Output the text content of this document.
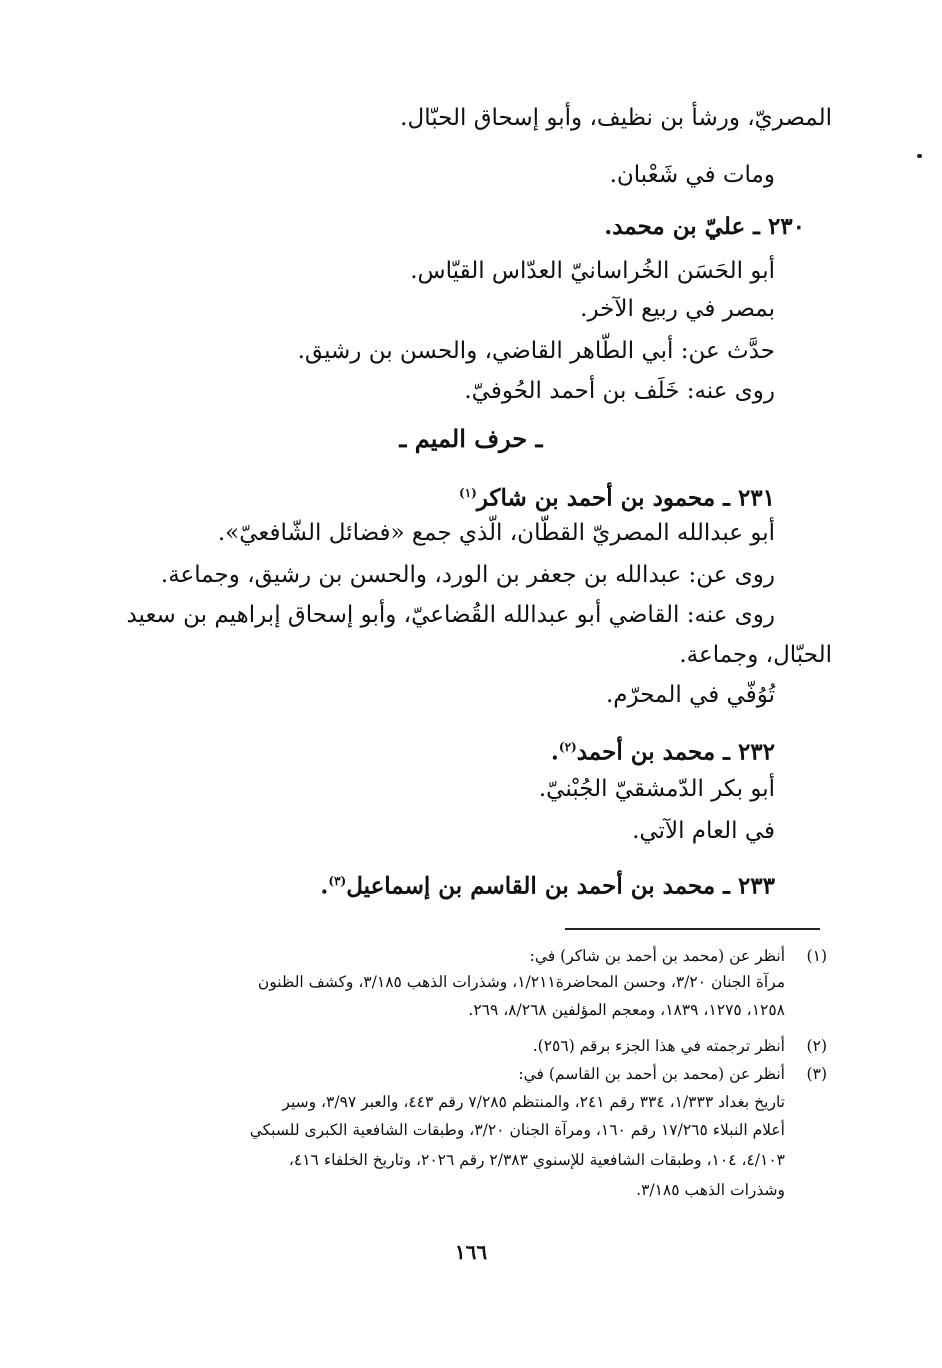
المصريّ، ورشأ بن نظيف، وأبو إسحاق الحبّال.
ومات في شَعْبان.
٢٣٠ ـ عليّ بن محمد.
أبو الحَسَن الخُراسانيّ العدّاس القيّاس.
بمصر في ربيع الآخر.
حدَّث عن: أبي الطّاهر القاضي، والحسن بن رشيق.
روى عنه: خَلَف بن أحمد الحُوفيّ.
ـ حرف الميم ـ
٢٣١ ـ محمود بن أحمد بن شاكر$^{(١)}$
أبو عبدالله المصريّ القطّان، الّذي جمع «فضائل الشّافعيّ».
روى عن: عبدالله بن جعفر بن الورد، والحسن بن رشيق، وجماعة.
روى عنه: القاضي أبو عبدالله القُضاعيّ، وأبو إسحاق إبراهيم بن سعيد
الحبّال، وجماعة.
تُوُفّي في المحرّم.
٢٣٢ ـ محمد بن أحمد$^{(٢)}$.
أبو بكر الدّمشقيّ الجُبْنيّ.
في العام الآتي.
٢٣٣ ـ محمد بن أحمد بن القاسم بن إسماعيل$^{(٣)}$.
(١)
أنظر عن (محمد بن أحمد بن شاكر) في:
مرآة الجنان ٣/٢٠، وحسن المحاضرة١/٢١١، وشذرات الذهب ٣/١٨٥، وكشف الظنون
١٢٥٨، ١٢٧٥، ١٨٣٩، ومعجم المؤلفين ٨/٢٦٨، ٢٦٩.
(٢)
أنظر ترجمته في هذا الجزء برقم (٢٥٦).
(٣)
أنظر عن (محمد بن أحمد بن القاسم) في:
تاريخ بغداد ١/٣٣٣، ٣٣٤ رقم ٢٤١، والمنتظم ٧/٢٨٥ رقم ٤٤٣، والعبر ٣/٩٧، وسير
أعلام النبلاء ١٧/٢٦٥ رقم ١٦٠، ومرآة الجنان ٣/٢٠، وطبقات الشافعية الكبرى للسبكي
٤/١٠٣، ١٠٤، وطبقات الشافعية للإسنوي ٢/٣٨٣ رقم ٢٠٢٦، وتاريخ الخلفاء ٤١٦،
وشذرات الذهب ٣/١٨٥.
١٦٦
